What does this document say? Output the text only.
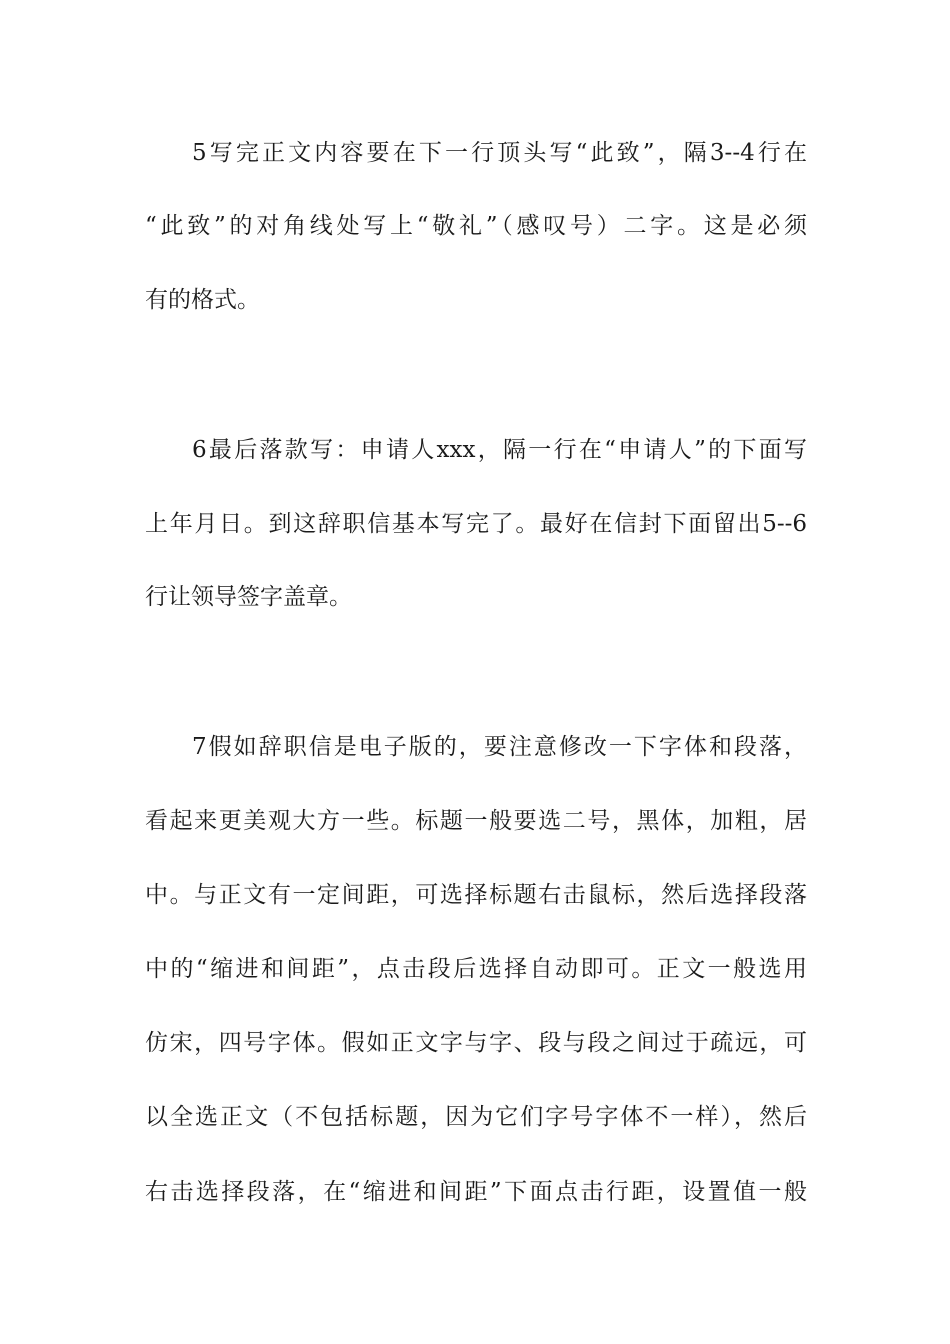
5写完正文内容要在下一行顶头写“此致”，隔3--4行在
“此致”的对角线处写上“敬礼”（感叹号）二字。这是必须
有的格式。
6最后落款写：申请人xxx，隔一行在“申请人”的下面写
上年月日。到这辞职信基本写完了。最好在信封下面留出5--6
行让领导签字盖章。
7假如辞职信是电子版的，要注意修改一下字体和段落，
看起来更美观大方一些。标题一般要选二号，黑体，加粗，居
中。与正文有一定间距，可选择标题右击鼠标，然后选择段落
中的“缩进和间距”，点击段后选择自动即可。正文一般选用
仿宋，四号字体。假如正文字与字、段与段之间过于疏远，可
以全选正文（不包括标题，因为它们字号字体不一样），然后
右击选择段落，在“缩进和间距”下面点击行距，设置值一般
